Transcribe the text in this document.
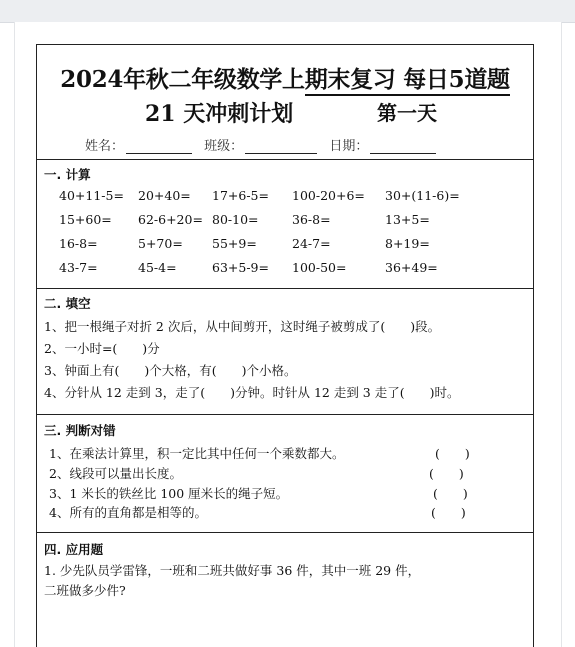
2024年秋二年级数学上期末复习 每日5道题
21 天冲刺计划	第一天
姓名：	班级：	日期：
一. 计算
40+11-5= 20+40= 17+6-5= 100-20+6= 30+(11-6)=
15+60= 62-6+20= 80-10=	36-8=	13+5=
16-8=	5+70= 55+9=	24-7=	8+19=
43-7=	45-4=	63+5-9= 100-50=	36+49=
二. 填空
1、把一根绳子对折 2 次后，从中间剪开，这时绳子被剪成了(　　)段。
2、一小时=(　　)分
3、钟面上有(　　)个大格，有(　　)个小格。
4、分针从 12 走到 3，走了(　　)分钟。时针从 12 走到 3 走了(　　)时。
三. 判断对错
1、在乘法计算里，积一定比其中任何一个乘数都大。	(　　)
2、线段可以量出长度。	(　　)
3、1 米长的铁丝比 100 厘米长的绳子短。	(　　)
4、所有的直角都是相等的。	(　　)
四. 应用题
1. 少先队员学雷锋，一班和二班共做好事 36 件，其中一班 29 件，
二班做多少件?
